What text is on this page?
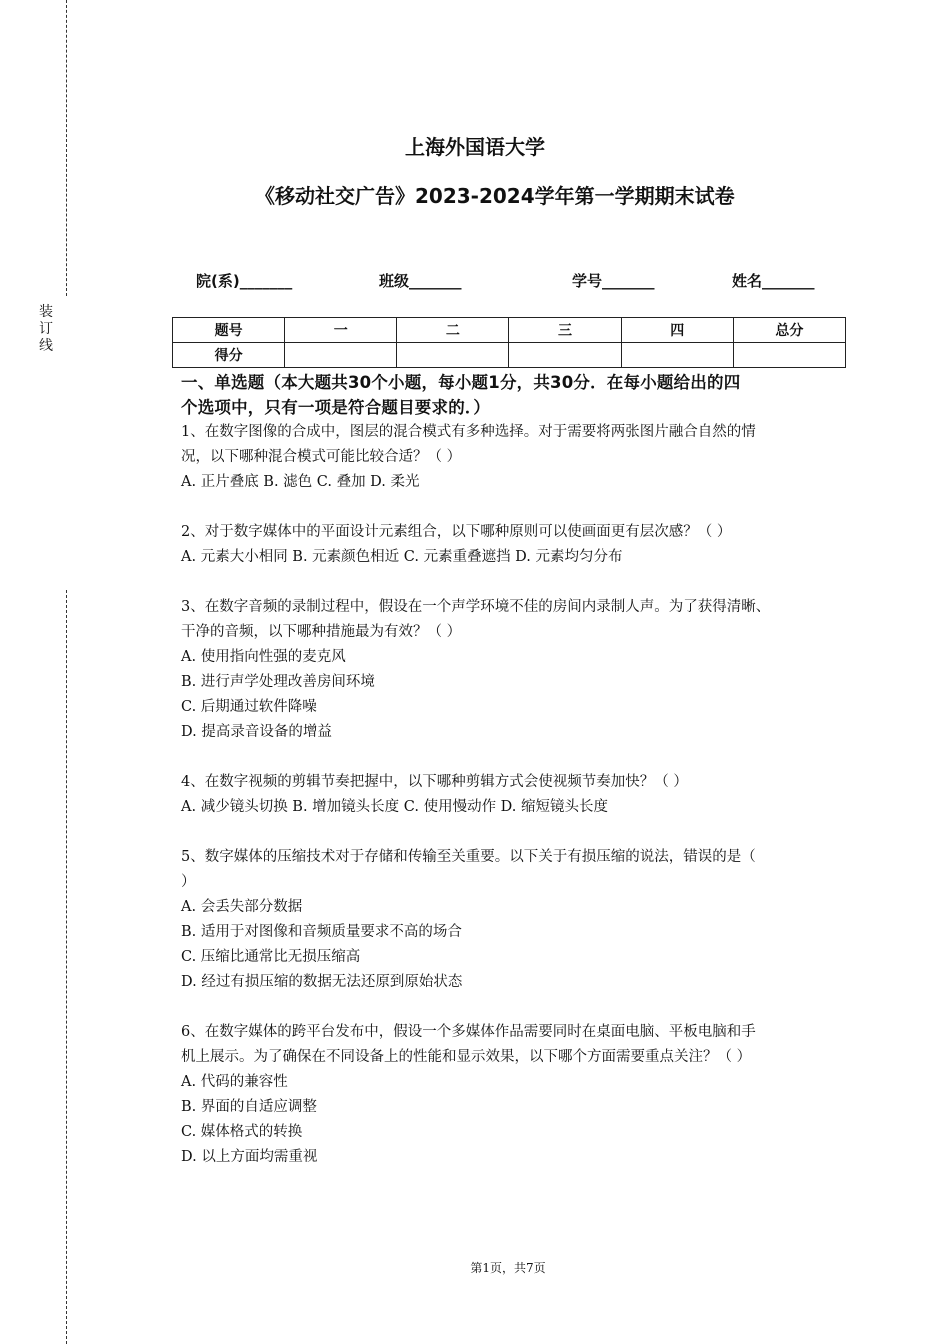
装
订
线
上海外国语大学
《移动社交广告》2023-2024学年第一学期期末试卷
院(系)_______	班级_______	学号_______	姓名_______
题号	一	二	三	四	总分
得分					

一、单选题（本大题共30个小题，每小题1分，共30分．在每小题给出的四

个选项中，只有一项是符合题目要求的．）

1、在数字图像的合成中，图层的混合模式有多种选择。对于需要将两张图片融合自然的情

况，以下哪种混合模式可能比较合适？（ ）

A. 正片叠底 B. 滤色 C. 叠加 D. 柔光

2、对于数字媒体中的平面设计元素组合，以下哪种原则可以使画面更有层次感？（ ）

A. 元素大小相同 B. 元素颜色相近 C. 元素重叠遮挡 D. 元素均匀分布

3、在数字音频的录制过程中，假设在一个声学环境不佳的房间内录制人声。为了获得清晰、

干净的音频，以下哪种措施最为有效？（ ）

A. 使用指向性强的麦克风

B. 进行声学处理改善房间环境

C. 后期通过软件降噪

D. 提高录音设备的增益

4、在数字视频的剪辑节奏把握中，以下哪种剪辑方式会使视频节奏加快？（ ）

A. 减少镜头切换 B. 增加镜头长度 C. 使用慢动作 D. 缩短镜头长度

5、数字媒体的压缩技术对于存储和传输至关重要。以下关于有损压缩的说法，错误的是（

）

A. 会丢失部分数据

B. 适用于对图像和音频质量要求不高的场合

C. 压缩比通常比无损压缩高

D. 经过有损压缩的数据无法还原到原始状态

6、在数字媒体的跨平台发布中，假设一个多媒体作品需要同时在桌面电脑、平板电脑和手

机上展示。为了确保在不同设备上的性能和显示效果，以下哪个方面需要重点关注？（ ）

A. 代码的兼容性

B. 界面的自适应调整

C. 媒体格式的转换

D. 以上方面均需重视

第1页，共7页
